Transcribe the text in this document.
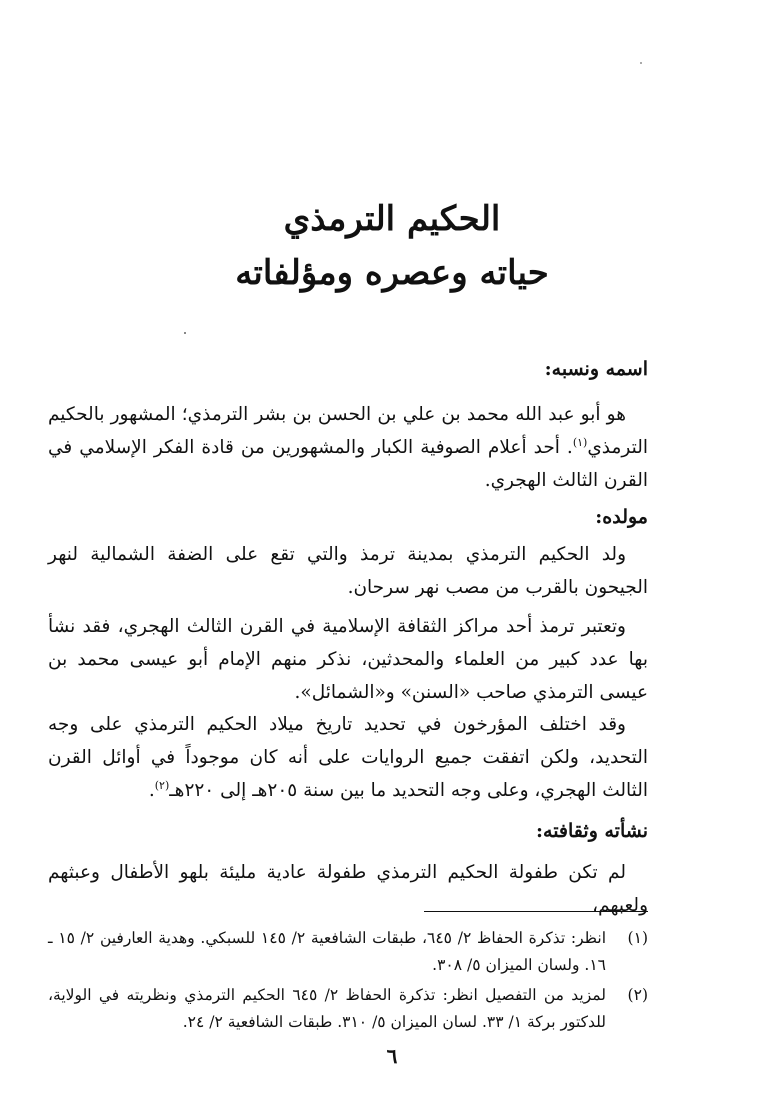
الحكيم الترمذي
حياته وعصره ومؤلفاته
اسمه ونسبه:
هو أبو عبد الله محمد بن علي بن الحسن بن بشر الترمذي؛ المشهور بالحكيم الترمذي$^{(١)}$. أحد أعلام الصوفية الكبار والمشهورين من قادة الفكر الإسلامي في القرن الثالث الهجري.
مولده:
ولد الحكيم الترمذي بمدينة ترمذ والتي تقع على الضفة الشمالية لنهر الجيحون بالقرب من مصب نهر سرحان.
وتعتبر ترمذ أحد مراكز الثقافة الإسلامية في القرن الثالث الهجري، فقد نشأ بها عدد كبير من العلماء والمحدثين، نذكر منهم الإمام أبو عيسى محمد بن عيسى الترمذي صاحب «السنن» و«الشمائل».
وقد اختلف المؤرخون في تحديد تاريخ ميلاد الحكيم الترمذي على وجه التحديد، ولكن اتفقت جميع الروايات على أنه كان موجوداً في أوائل القرن الثالث الهجري، وعلى وجه التحديد ما بين سنة ٢٠٥هـ إلى ٢٢٠هـ$^{(٢)}$.
نشأته وثقافته:
لم تكن طفولة الحكيم الترمذي طفولة عادية مليئة بلهو الأطفال وعبثهم ولعبهم،
(١)
انظر: تذكرة الحفاظ ٢/ ٦٤٥، طبقات الشافعية ٢/ ١٤٥ للسبكي. وهدية العارفين ٢/ ١٥ ـ ١٦. ولسان الميزان ٥/ ٣٠٨.
(٢)
لمزيد من التفصيل انظر: تذكرة الحفاظ ٢/ ٦٤٥ الحكيم الترمذي ونظريته في الولاية، للدكتور بركة ١/ ٣٣. لسان الميزان ٥/ ٣١٠. طبقات الشافعية ٢/ ٢٤.
٦
